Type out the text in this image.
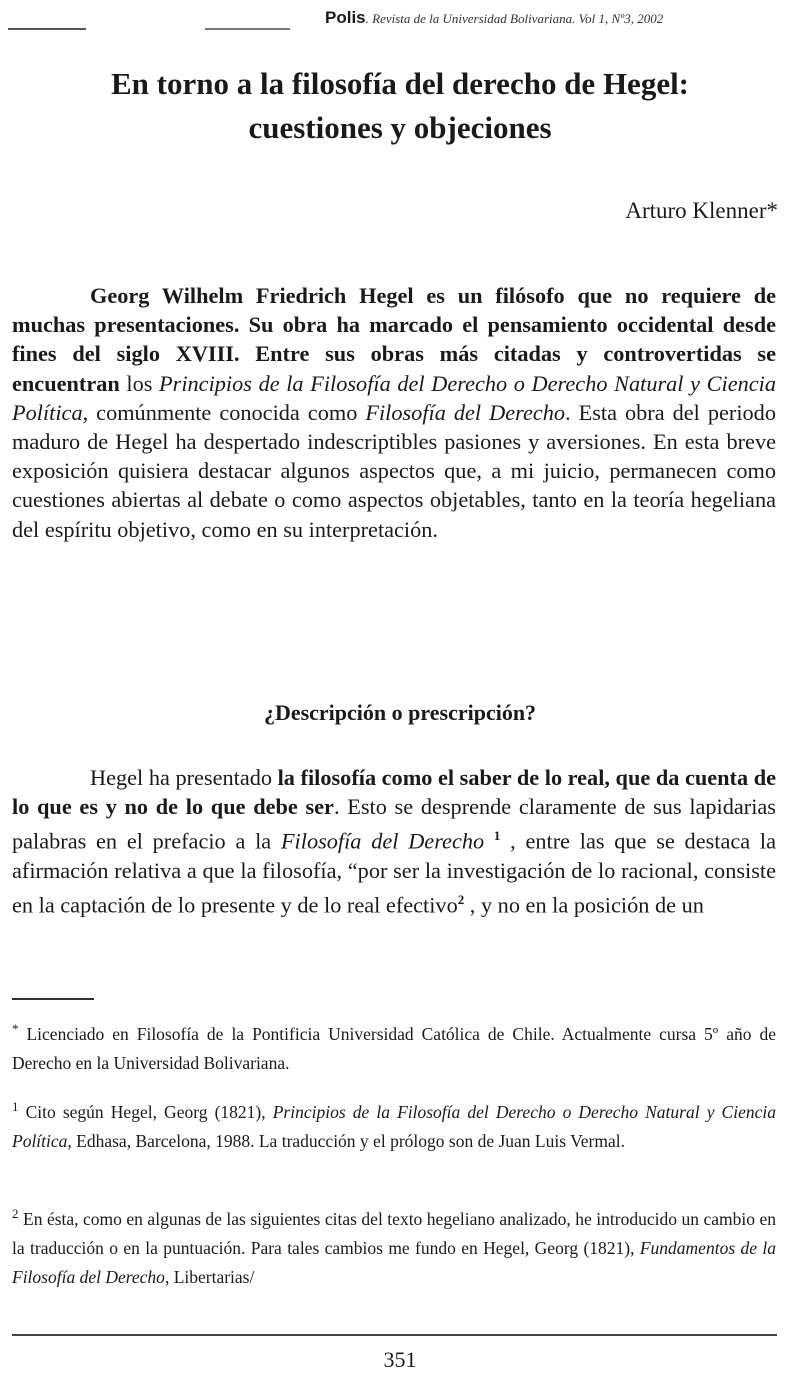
Polis. Revista de la Universidad Bolivariana. Vol 1, Nº3, 2002
En torno a la filosofía del derecho de Hegel:
cuestiones y objeciones
Arturo Klenner*

Georg Wilhelm Friedrich Hegel es un filósofo que no requiere de muchas presentaciones. Su obra ha marcado el pensamiento occidental desde fines del siglo XVIII. Entre sus obras más citadas y controvertidas se encuentran los Principios de la Filosofía del Derecho o Derecho Natural y Ciencia Política, comúnmente conocida como Filosofía del Derecho. Esta obra del periodo maduro de Hegel ha despertado indescriptibles pasiones y aversiones. En esta breve exposición quisiera destacar algunos aspectos que, a mi juicio, permanecen como cuestiones abiertas al debate o como aspectos objetables, tanto en la teoría hegeliana del espíritu objetivo, como en su interpretación.

¿Descripción o prescripción?

Hegel ha presentado la filosofía como el saber de lo real, que da cuenta de lo que es y no de lo que debe ser. Esto se desprende claramente de sus lapidarias palabras en el prefacio a la Filosofía del Derecho $^1$ , entre las que se destaca la afirmación relativa a que la filosofía, “por ser la investigación de lo racional, consiste en la captación de lo presente y de lo real efectivo$^2$ , y no en la posición de un

* Licenciado en Filosofía de la Pontificia Universidad Católica de Chile. Actualmente cursa 5º año de Derecho en la Universidad Bolivariana.

$^1$ Cito según Hegel, Georg (1821), Principios de la Filosofía del Derecho o Derecho Natural y Ciencia Política, Edhasa, Barcelona, 1988. La traducción y el prólogo son de Juan Luis Vermal.

$^2$ En ésta, como en algunas de las siguientes citas del texto hegeliano analizado, he introducido un cambio en la traducción o en la puntuación. Para tales cambios me fundo en Hegel, Georg (1821), Fundamentos de la Filosofía del Derecho, Libertarias/

351
